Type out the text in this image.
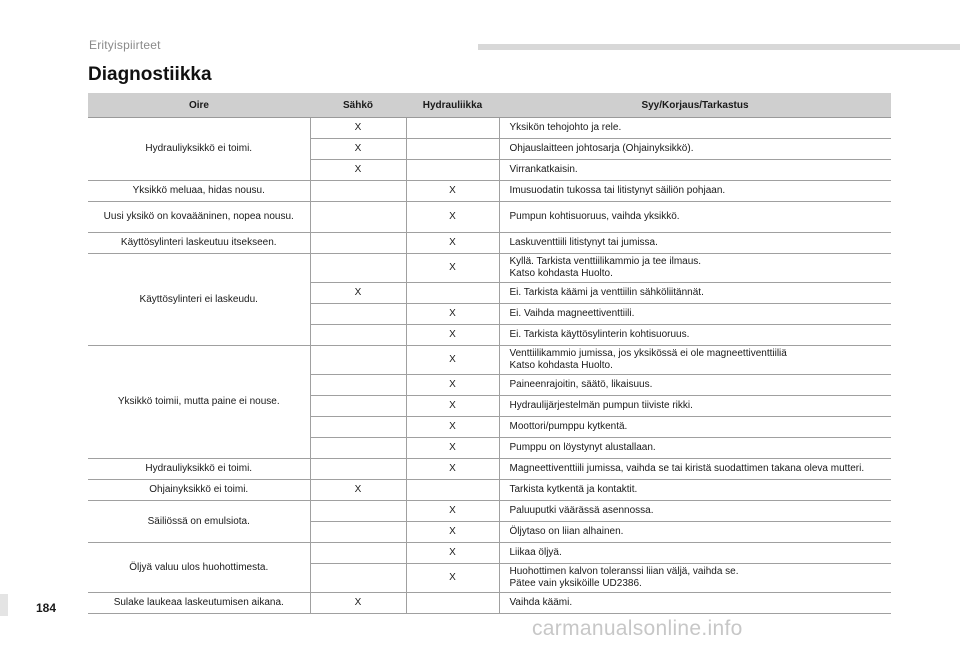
Erityispiirteet
Diagnostiikka
Oire	Sähkö	Hydrauliikka	Syy/Korjaus/Tarkastus
Hydrauliyksikkö ei toimi.	X		Yksikön tehojohto ja rele.

	X		Ohjauslaitteen johtosarja (Ohjainyksikkö).

	X		Virrankatkaisin.

Yksikkö meluaa, hidas nousu.		X	Imusuodatin tukossa tai litistynyt säiliön pohjaan.

Uusi yksikö on kovaääninen, nopea nousu.		X	Pumpun kohtisuoruus, vaihda yksikkö.

Käyttösylinteri laskeutuu itsekseen.		X	Laskuventtiili litistynyt tai jumissa.

Käyttösylinteri ei laskeudu.		X	Kyllä. Tarkista venttiilikammio ja tee ilmaus.
Katso kohdasta Huolto.

	X		Ei. Tarkista käämi ja venttiilin sähköliitännät.

		X	Ei. Vaihda magneettiventtiili.

		X	Ei. Tarkista käyttösylinterin kohtisuoruus.

Yksikkö toimii, mutta paine ei nouse.		X	Venttiilikammio jumissa, jos yksikössä ei ole magneettiventtiiliä
Katso kohdasta Huolto.

		X	Paineenrajoitin, säätö, likaisuus.

		X	Hydraulijärjestelmän pumpun tiiviste rikki.

		X	Moottori/pumppu kytkentä.

		X	Pumppu on löystynyt alustallaan.

Hydrauliyksikkö ei toimi.		X	Magneettiventtiili jumissa, vaihda se tai kiristä suodattimen takana oleva mutteri.

Ohjainyksikkö ei toimi.	X		Tarkista kytkentä ja kontaktit.

Säiliössä on emulsiota.		X	Paluuputki väärässä asennossa.

		X	Öljytaso on liian alhainen.

Öljyä valuu ulos huohottimesta.		X	Liikaa öljyä.

		X	Huohottimen kalvon toleranssi liian väljä, vaihda se.
Pätee vain yksiköille UD2386.

Sulake laukeaa laskeutumisen aikana.	X		Vaihda käämi.
184
carmanualsonline.info
